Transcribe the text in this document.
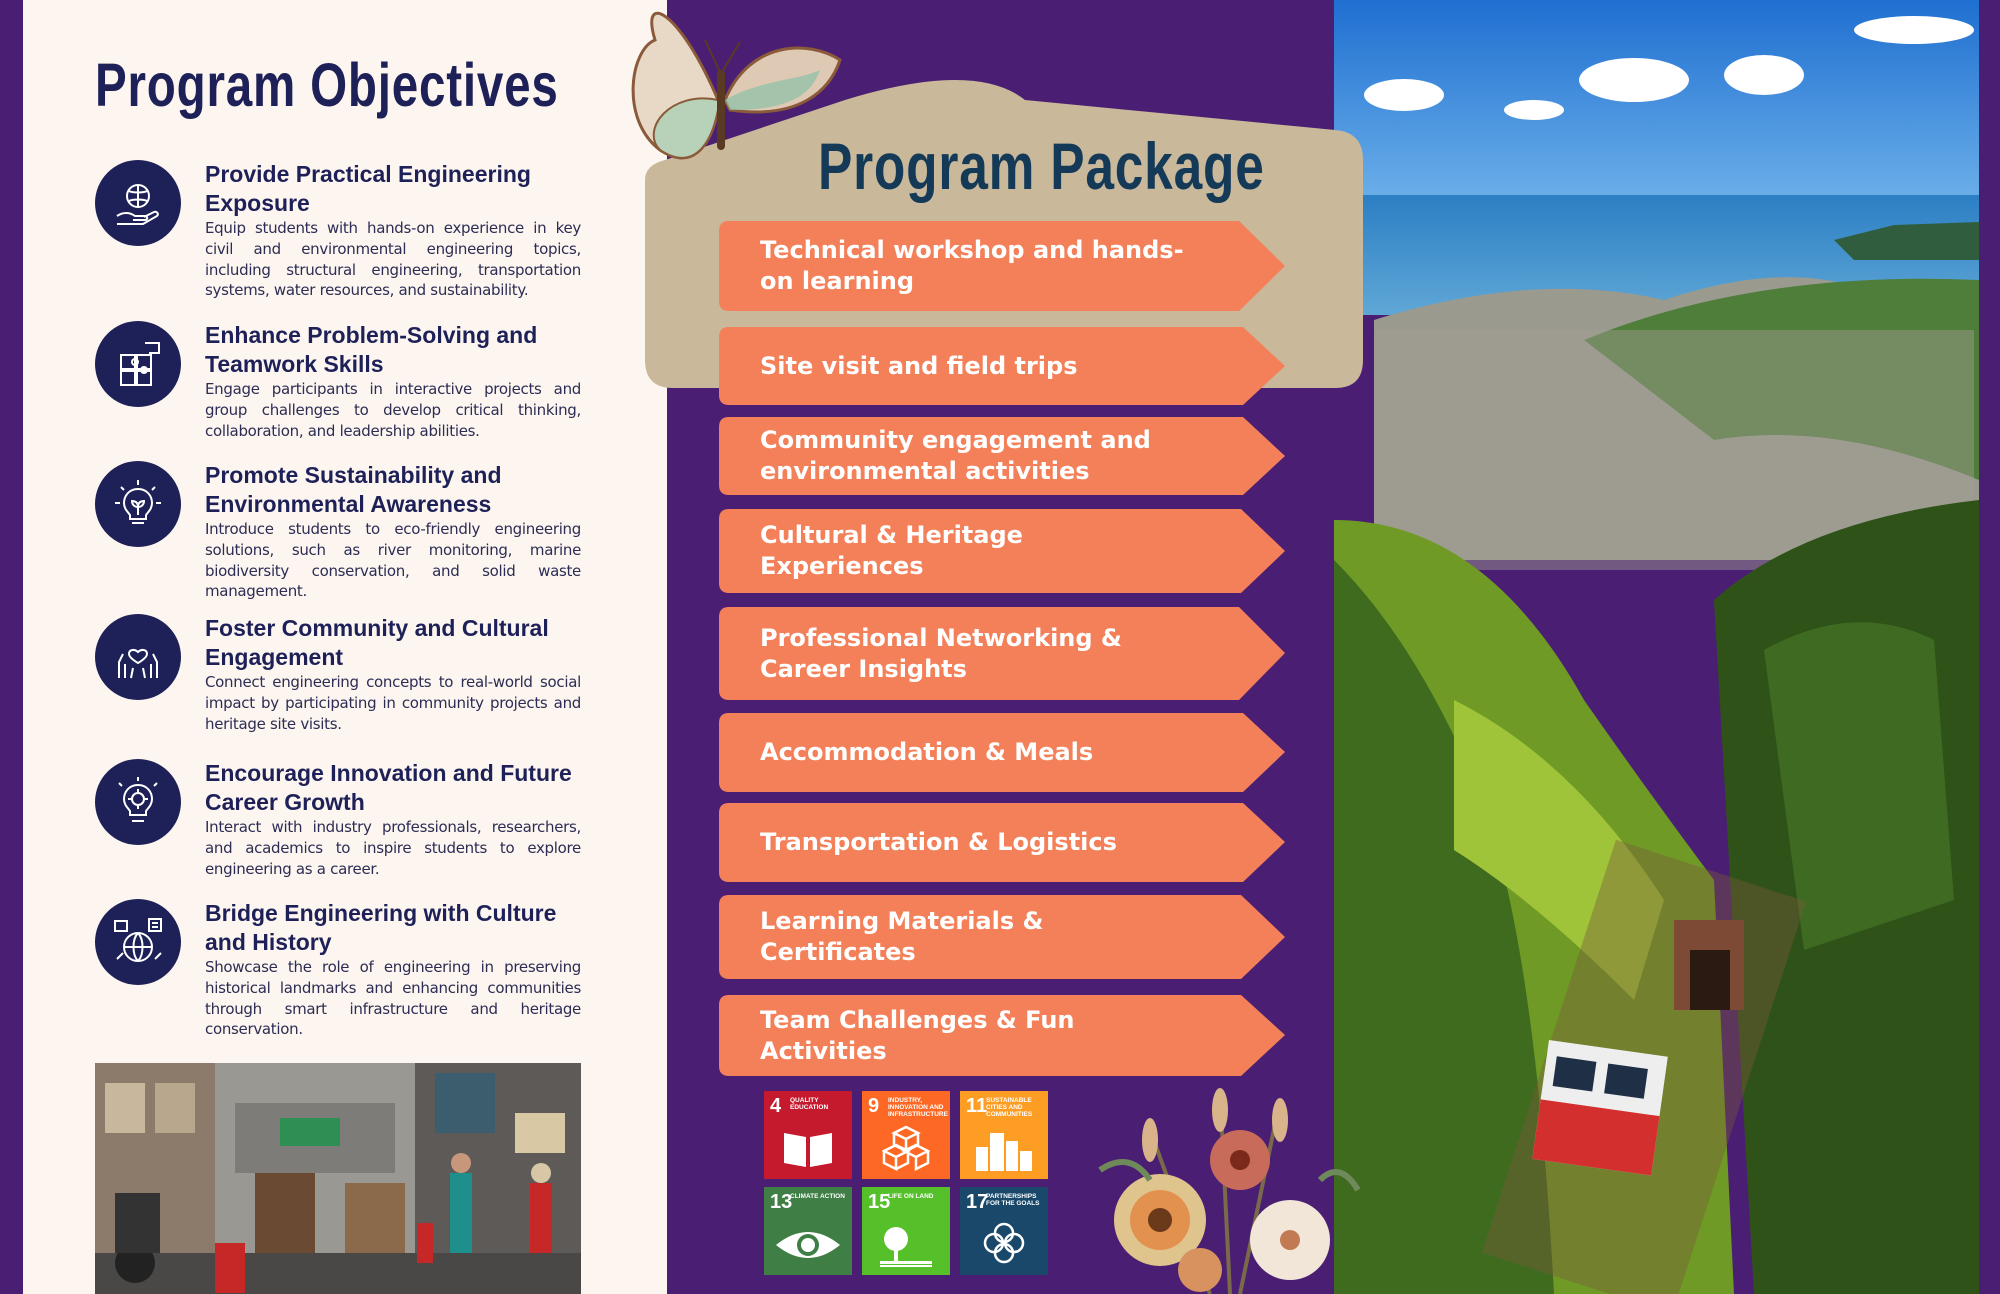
Program Objectives
Provide Practical Engineering Exposure
Equip students with hands-on experience in key civil and environmental engineering topics, including structural engineering, transportation systems, water resources, and sustainability.
Enhance Problem-Solving and Teamwork Skills
Engage participants in interactive projects and group challenges to develop critical thinking, collaboration, and leadership abilities.
Promote Sustainability and Environmental Awareness
Introduce students to eco-friendly engineering solutions, such as river monitoring, marine biodiversity conservation, and solid waste management.
Foster Community and Cultural Engagement
Connect engineering concepts to real-world social impact by participating in community projects and heritage site visits.
Encourage Innovation and Future Career Growth
Interact with industry professionals, researchers, and academics to inspire students to explore engineering as a career.
Bridge Engineering with Culture and History
Showcase the role of engineering in preserving historical landmarks and enhancing communities through smart infrastructure and heritage conservation.
Program Package
Technical workshop and hands-on learning
Site visit and field trips
Community engagement and environmental activities
Cultural & Heritage Experiences
Professional Networking & Career Insights
Accommodation & Meals
Transportation & Logistics
Learning Materials & Certificates
Team Challenges & Fun Activities
4 QUALITY EDUCATION	9 INDUSTRY, INNOVATION AND INFRASTRUCTURE 11
SUSTAINABLE CITIES AND COMMUNITIES
13
CLIMATE ACTION 15
LIFE ON LAND	17
PARTNERSHIPS FOR THE GOALS
